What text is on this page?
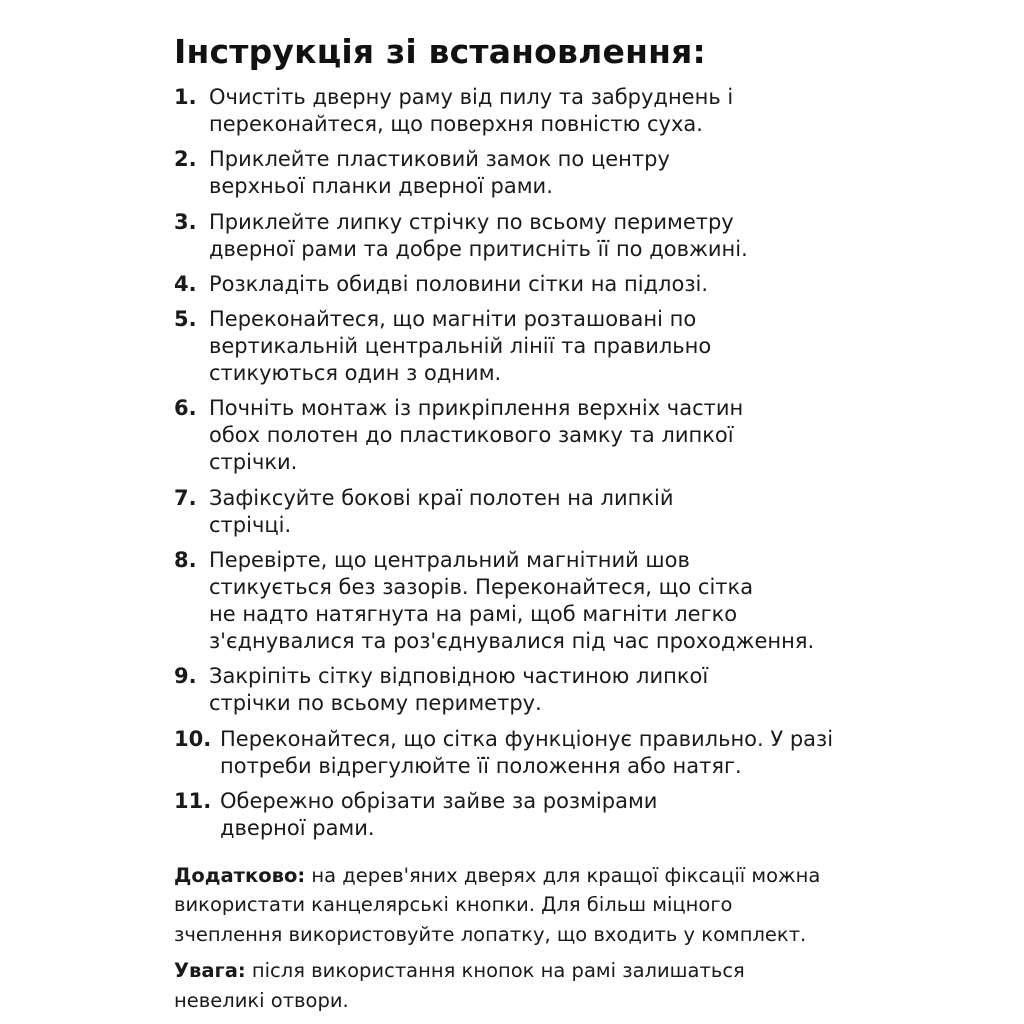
Інструкція зі встановлення:
1. Очистіть дверну раму від пилу та забруднень і
переконайтеся, що поверхня повністю суха.
2. Приклейте пластиковий замок по центру
верхньої планки дверної рами.
3. Приклейте липку стрічку по всьому периметру
дверної рами та добре притисніть її по довжині.
4. Розкладіть обидві половини сітки на підлозі.
5. Переконайтеся, що магніти розташовані по
вертикальній центральній лінії та правильно
стикуються один з одним.
6. Почніть монтаж із прикріплення верхніх частин
обох полотен до пластикового замку та липкої
стрічки.
7. Зафіксуйте бокові краї полотен на липкій
стрічці.
8. Перевірте, що центральний магнітний шов
стикується без зазорів. Переконайтеся, що сітка
не надто натягнута на рамі, щоб магніти легко
з'єднувалися та роз'єднувалися під час проходження.
9. Закріпіть сітку відповідною частиною липкої
стрічки по всьому периметру.
10. Переконайтеся, що сітка функціонує правильно. У разі
потреби відрегулюйте її положення або натяг.
11. Обережно обрізати зайве за розмірами
дверної рами.

Додатково: на дерев'яних дверях для кращої фіксації можна
використати канцелярські кнопки. Для більш міцного
зчеплення використовуйте лопатку, що входить у комплект.

Увага: після використання кнопок на рамі залишаться
невеликі отвори.
